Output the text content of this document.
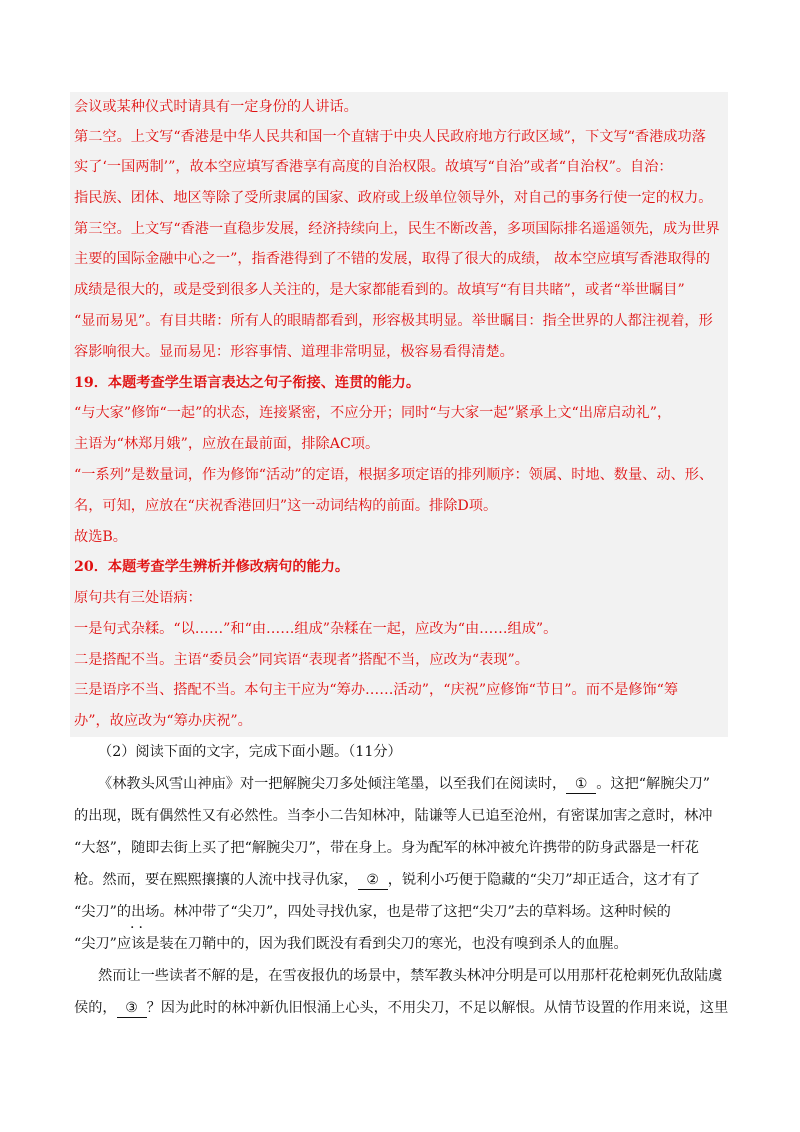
会议或某种仪式时请具有一定身份的人讲话。
第二空。上文写“香港是中华人民共和国一个直辖于中央人民政府地方行政区域”，下文写“香港成功落
实了‘一国两制’”，故本空应填写香港享有高度的自治权限。故填写“自治”或者“自治权”。自治：
指民族、团体、地区等除了受所隶属的国家、政府或上级单位领导外，对自己的事务行使一定的权力。
第三空。上文写“香港一直稳步发展，经济持续向上，民生不断改善，多项国际排名遥遥领先，成为世界
主要的国际金融中心之一”，指香港得到了不错的发展，取得了很大的成绩， 故本空应填写香港取得的
成绩是很大的，或是受到很多人关注的，是大家都能看到的。故填写“有目共睹”，或者“举世瞩目”
“显而易见”。有目共睹：所有人的眼睛都看到，形容极其明显。举世瞩目：指全世界的人都注视着，形
容影响很大。显而易见：形容事情、道理非常明显，极容易看得清楚。
19．本题考查学生语言表达之句子衔接、连贯的能力。
“与大家”修饰“一起”的状态，连接紧密，不应分开；同时“与大家一起”紧承上文“出席启动礼”，
主语为“林郑月娥”，应放在最前面，排除AC项。
“一系列”是数量词，作为修饰“活动”的定语，根据多项定语的排列顺序：领属、时地、数量、动、形、
名，可知，应放在“庆祝香港回归”这一动词结构的前面。排除D项。
故选B。
20．本题考查学生辨析并修改病句的能力。
原句共有三处语病：
一是句式杂糅。“以……”和“由……组成”杂糅在一起，应改为“由……组成”。
二是搭配不当。主语“委员会”同宾语“表现者”搭配不当，应改为“表现”。
三是语序不当、搭配不当。本句主干应为“筹办……活动”，“庆祝”应修饰“节日”。而不是修饰“筹
办”，故应改为“筹办庆祝”。
（2）阅读下面的文字，完成下面小题。（11分）
《林教头风雪山神庙》对一把解腕尖刀多处倾注笔墨，以至我们在阅读时， ① 。这把“解腕尖刀”
的出现，既有偶然性又有必然性。当李小二告知林冲，陆谦等人已追至沧州，有密谋加害之意时，林冲
“大怒”，随即去街上买了把“解腕尖刀”，带在身上。身为配军的林冲被允许携带的防身武器是一杆花
枪。然而，要在熙熙攘攘的人流中找寻仇家， ② ，锐利小巧便于隐藏的“尖刀”却正适合，这才有了
“尖刀”的出场。林冲带了“尖刀”，四处寻找仇家，也是带了这把“尖刀”去的草料场。这种时候的
··
“尖刀”应该是装在刀鞘中的，因为我们既没有看到尖刀的寒光，也没有嗅到杀人的血腥。
然而让一些读者不解的是，在雪夜报仇的场景中，禁军教头林冲分明是可以用那杆花枪刺死仇敌陆虞
侯的， ③ ？因为此时的林冲新仇旧恨涌上心头，不用尖刀，不足以解恨。从情节设置的作用来说，这里
